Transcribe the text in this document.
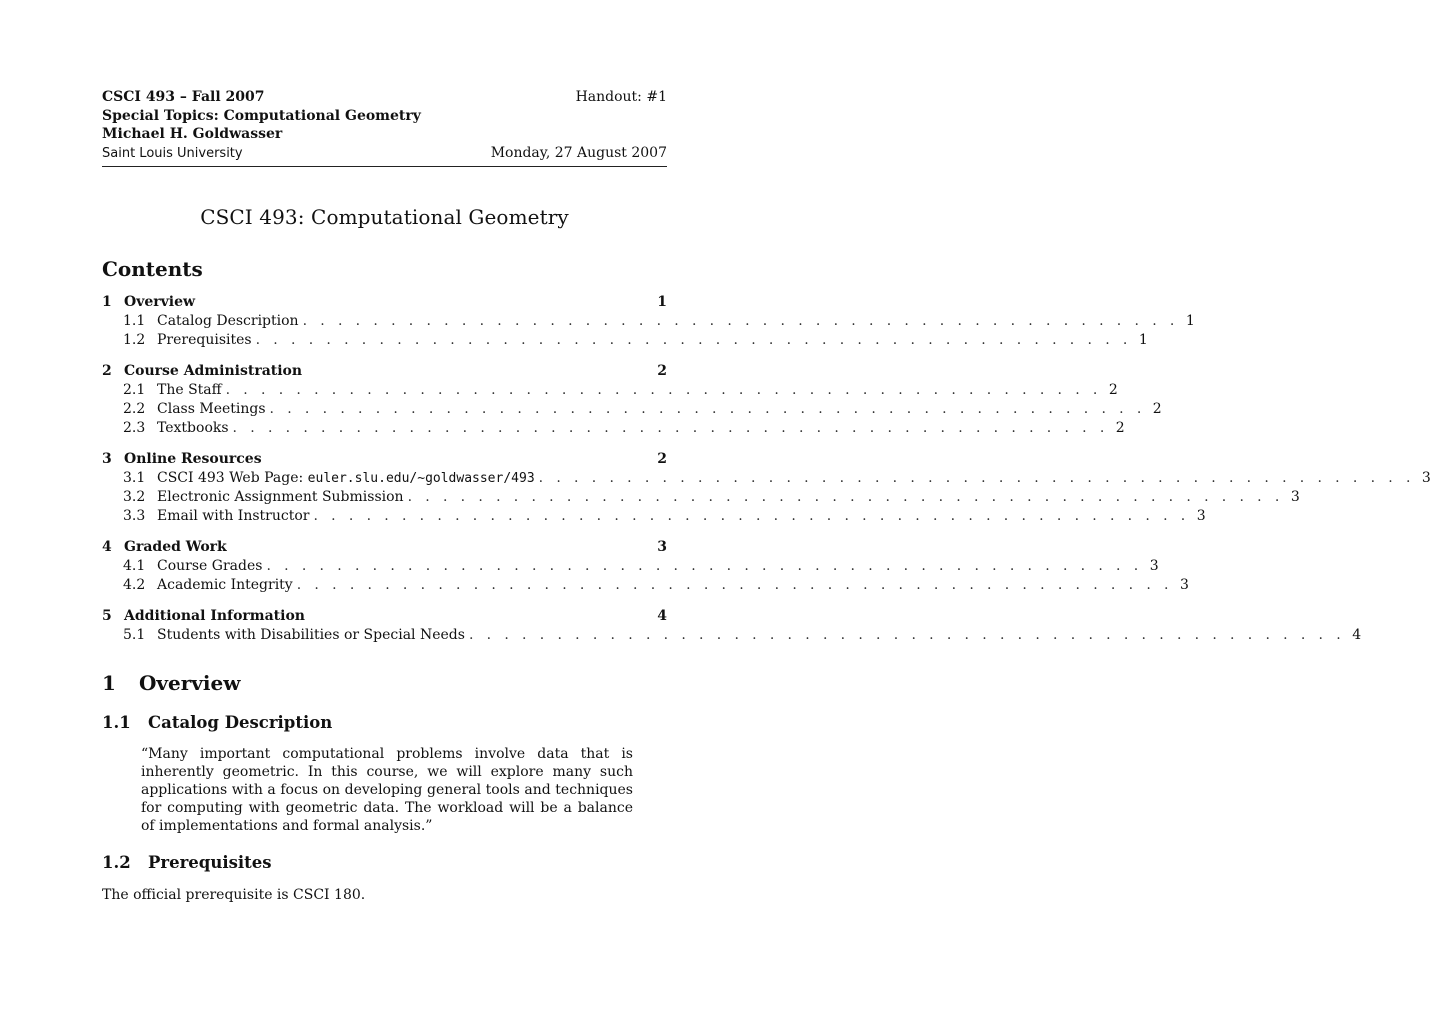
CSCI 493 – Fall 2007	Handout: #1
Special Topics: Computational Geometry
Michael H. Goldwasser
Saint Louis University	Monday, 27 August 2007
CSCI 493: Computational Geometry
Contents
1 Overview	1
1.1 Catalog Description . . . . . . . . . . . . . . . . . . . . . . . . . . . . . . . . . . . . . . . . . . . . . . . . . . 1
1.2 Prerequisites . . . . . . . . . . . . . . . . . . . . . . . . . . . . . . . . . . . . . . . . . . . . . . . . . . 1
2 Course Administration	2
2.1 The Staff . . . . . . . . . . . . . . . . . . . . . . . . . . . . . . . . . . . . . . . . . . . . . . . . . . 2
2.2 Class Meetings . . . . . . . . . . . . . . . . . . . . . . . . . . . . . . . . . . . . . . . . . . . . . . . . . . 2
2.3 Textbooks . . . . . . . . . . . . . . . . . . . . . . . . . . . . . . . . . . . . . . . . . . . . . . . . . . 2
3 Online Resources	2
3.1 CSCI 493 Web Page: euler.slu.edu/~goldwasser/493 . . . . . . . . . . . . . . . . . . . . . . . . . . . . . . . . . . . . . . . . . . . . . . . . . . 3
3.2 Electronic Assignment Submission . . . . . . . . . . . . . . . . . . . . . . . . . . . . . . . . . . . . . . . . . . . . . . . . . . 3
3.3 Email with Instructor . . . . . . . . . . . . . . . . . . . . . . . . . . . . . . . . . . . . . . . . . . . . . . . . . . 3
4 Graded Work	3
4.1 Course Grades . . . . . . . . . . . . . . . . . . . . . . . . . . . . . . . . . . . . . . . . . . . . . . . . . . 3
4.2 Academic Integrity . . . . . . . . . . . . . . . . . . . . . . . . . . . . . . . . . . . . . . . . . . . . . . . . . . 3
5 Additional Information	4
5.1 Students with Disabilities or Special Needs . . . . . . . . . . . . . . . . . . . . . . . . . . . . . . . . . . . . . . . . . . . . . . . . . . 4
1	Overview
1.1	Catalog Description
“Many important computational problems involve data that is inherently geometric. In this course, we will explore many such applications with a focus on developing general tools and techniques for computing with geometric data. The workload will be a balance of implementations and formal analysis.”
1.2	Prerequisites
The official prerequisite is CSCI 180.
